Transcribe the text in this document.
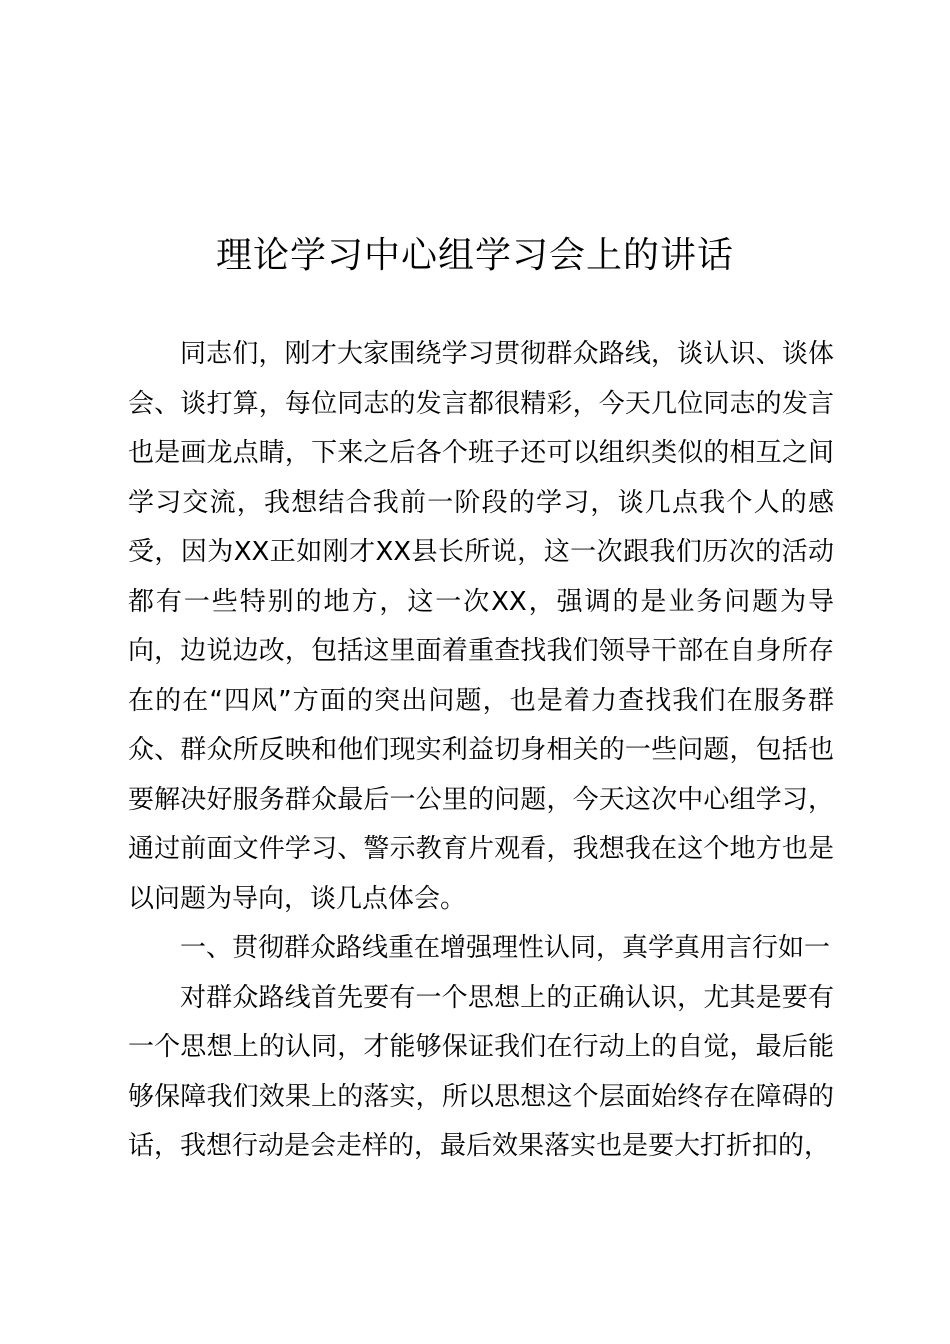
理论学习中心组学习会上的讲话

同志们，刚才大家围绕学习贯彻群众路线，谈认识、谈体会、谈打算，每位同志的发言都很精彩，今天几位同志的发言也是画龙点睛，下来之后各个班子还可以组织类似的相互之间学习交流，我想结合我前一阶段的学习，谈几点我个人的感受，因为XX正如刚才XX县长所说，这一次跟我们历次的活动都有一些特别的地方，这一次XX，强调的是业务问题为导向，边说边改，包括这里面着重查找我们领导干部在自身所存在的在“四风”方面的突出问题，也是着力查找我们在服务群众、群众所反映和他们现实利益切身相关的一些问题，包括也要解决好服务群众最后一公里的问题，今天这次中心组学习，通过前面文件学习、警示教育片观看，我想我在这个地方也是以问题为导向，谈几点体会。

一、贯彻群众路线重在增强理性认同，真学真用言行如一

对群众路线首先要有一个思想上的正确认识，尤其是要有一个思想上的认同，才能够保证我们在行动上的自觉，最后能够保障我们效果上的落实，所以思想这个层面始终存在障碍的话，我想行动是会走样的，最后效果落实也是要大打折扣的，
